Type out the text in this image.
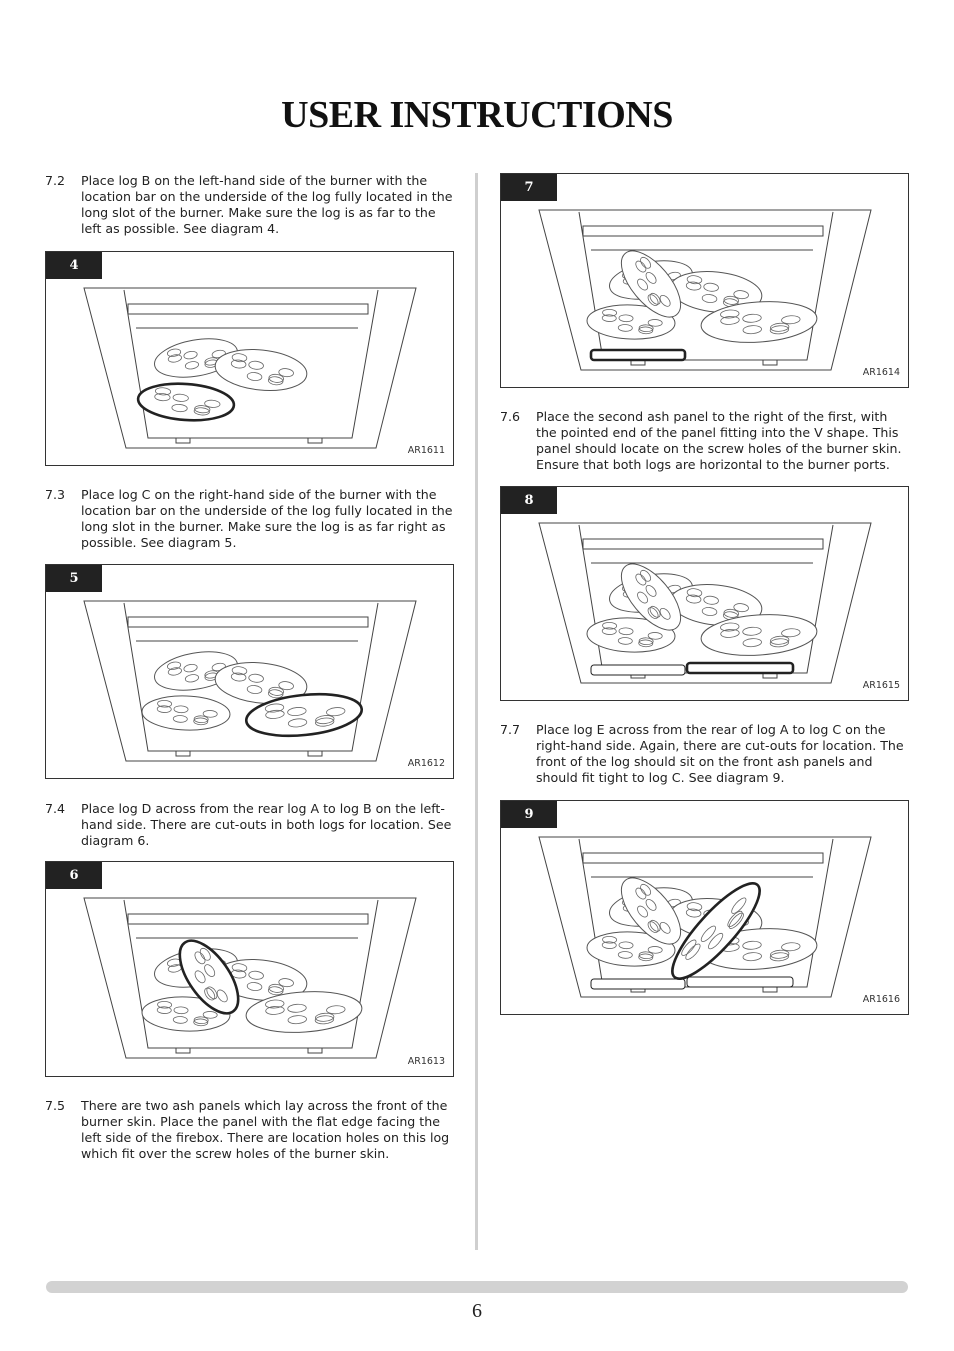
USER INSTRUCTIONS
7.2 Place log B on the left-hand side of the burner with the location bar on the underside of the log fully located in the long slot of the burner. Make sure the log is as far to the left as possible. See diagram 4.
4
AR1611
7.3 Place log C on the right-hand side of the burner with the location bar on the underside of the log fully located in the long slot in the burner. Make sure the log is as far right as possible. See diagram 5.
5
AR1612
7.4 Place log D across from the rear log A to log B on the left-hand side. There are cut-outs in both logs for location. See diagram 6.
6
AR1613
7.5 There are two ash panels which lay across the front of the burner skin. Place the panel with the flat edge facing the left side of the firebox. There are location holes on this log which fit over the screw holes of the burner skin.
7
AR1614
7.6 Place the second ash panel to the right of the first, with the pointed end of the panel fitting into the V shape. This panel should locate on the screw holes of the burner skin. Ensure that both logs are horizontal to the burner ports.
8
AR1615
7.7 Place log E across from the rear of log A to log C on the right-hand side. Again, there are cut-outs for location. The front of the log should sit on the front ash panels and should fit tight to log C. See diagram 9.
9
AR1616
6
